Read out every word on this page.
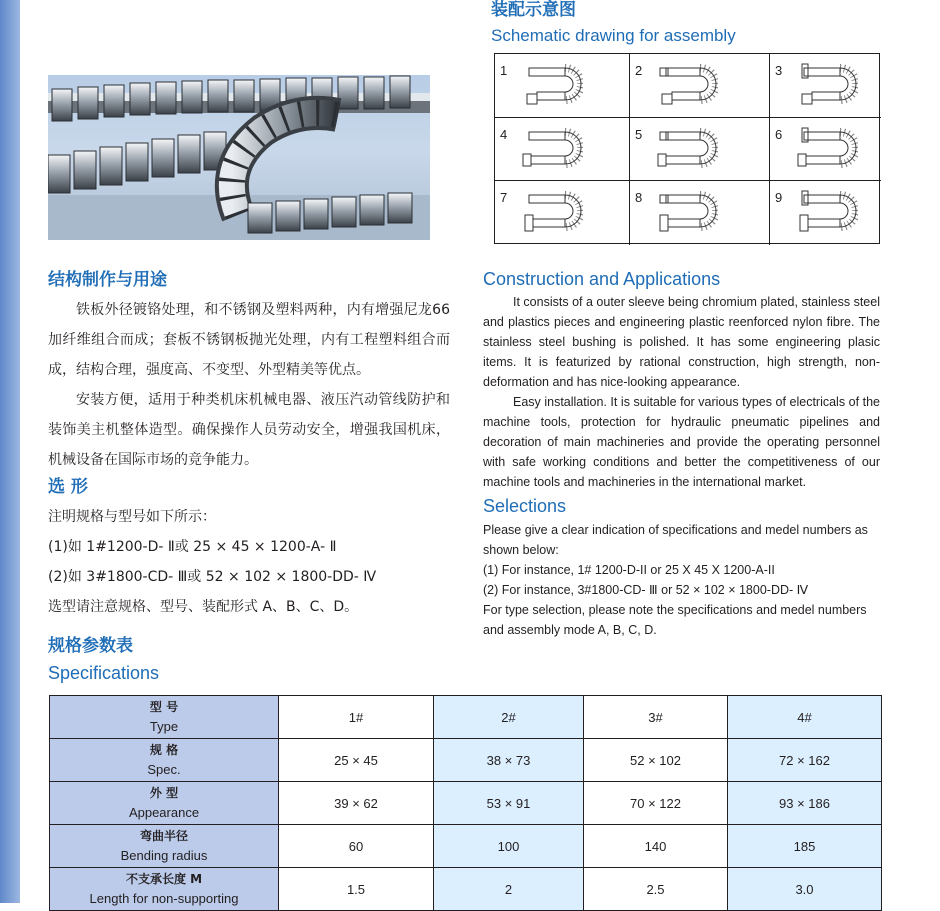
装配示意图
Schematic drawing for assembly
1	2	3
4	5	6
7	8	9
结构制作与用途

铁板外径镀铬处理，和不锈钢及塑料两种，内有增强尼龙66加纤维组合而成；套板不锈钢板抛光处理，内有工程塑料组合而成，结构合理，强度高、不变型、外型精美等优点。

安装方便，适用于种类机床机械电器、液压汽动管线防护和装饰美主机整体造型。确保操作人员劳动安全，增强我国机床，机械设备在国际市场的竞争能力。

选 形
注明规格与型号如下所示：
(1)如 1#1200-D- Ⅱ或 25 × 45 × 1200-A- Ⅱ
(2)如 3#1800-CD- Ⅲ或 52 × 102 × 1800-DD- Ⅳ
选型请注意规格、型号、装配形式 A、B、C、D。
Construction and Applications

It consists of a outer sleeve being chromium plated, stainless steel and plastics pieces and engineering plastic reenforced nylon fibre. The stainless steel bushing is polished. It has some engineering plasic items. It is featurized by rational construction, high strength, non-deformation and has nice-looking appearance.

Easy installation. It is suitable for various types of electricals of the machine tools, protection for hydraulic pneumatic pipelines and decoration of main machineries and provide the operating personnel with safe working conditions and better the competitiveness of our machine tools and machineries in the international market.

Selections
Please give a clear indication of specifications and medel numbers as shown below:
(1) For instance, 1# 1200-D-II or 25 X 45 X 1200-A-II
(2) For instance, 3#1800-CD- Ⅲ or 52 × 102 × 1800-DD- Ⅳ
For type selection, please note the specifications and medel numbers and assembly mode A, B, C, D.
规格参数表
Specifications
型 号
Type	1#	2#	3#	4#

规 格
Spec.	25 × 45	38 × 73	52 × 102	72 × 162

外 型
Appearance	39 × 62	53 × 91	70 × 122	93 × 186

弯曲半径
Bending radius	60	100	140	185

不支承长度 M
Length for non-supporting	1.5	2	2.5	3.0
